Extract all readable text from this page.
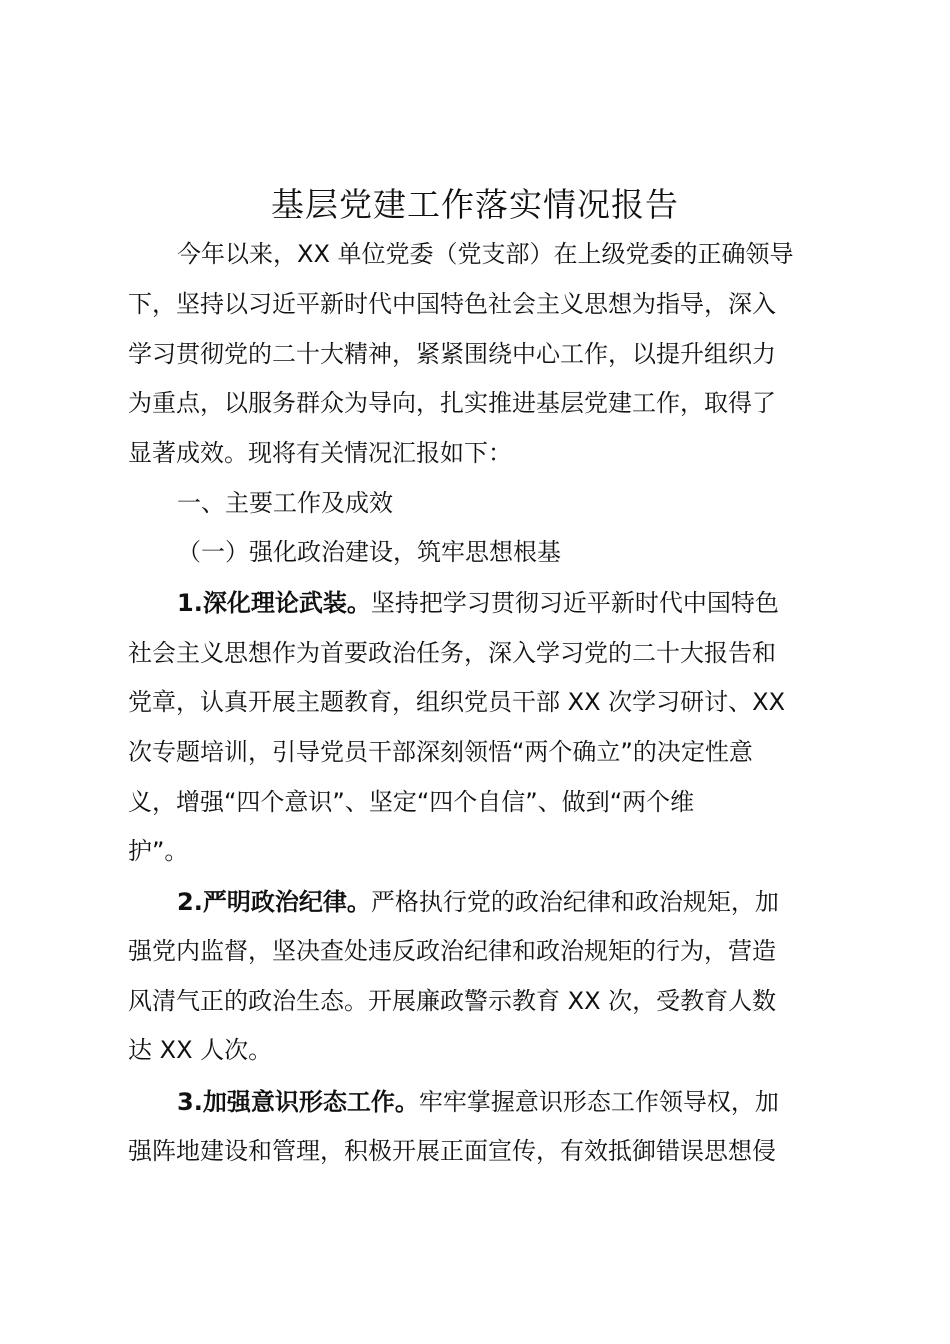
基层党建工作落实情况报告

今年以来，XX 单位党委（党支部）在上级党委的正确领导

下，坚持以习近平新时代中国特色社会主义思想为指导，深入

学习贯彻党的二十大精神，紧紧围绕中心工作，以提升组织力

为重点，以服务群众为导向，扎实推进基层党建工作，取得了

显著成效。现将有关情况汇报如下：

一、主要工作及成效

（一）强化政治建设，筑牢思想根基

1.深化理论武装。坚持把学习贯彻习近平新时代中国特色

社会主义思想作为首要政治任务，深入学习党的二十大报告和

党章，认真开展主题教育，组织党员干部 XX 次学习研讨、XX

次专题培训，引导党员干部深刻领悟“两个确立”的决定性意

义，增强“四个意识”、坚定“四个自信”、做到“两个维

护”。

2.严明政治纪律。严格执行党的政治纪律和政治规矩，加

强党内监督，坚决查处违反政治纪律和政治规矩的行为，营造

风清气正的政治生态。开展廉政警示教育 XX 次，受教育人数

达 XX 人次。

3.加强意识形态工作。牢牢掌握意识形态工作领导权，加

强阵地建设和管理，积极开展正面宣传，有效抵御错误思想侵
